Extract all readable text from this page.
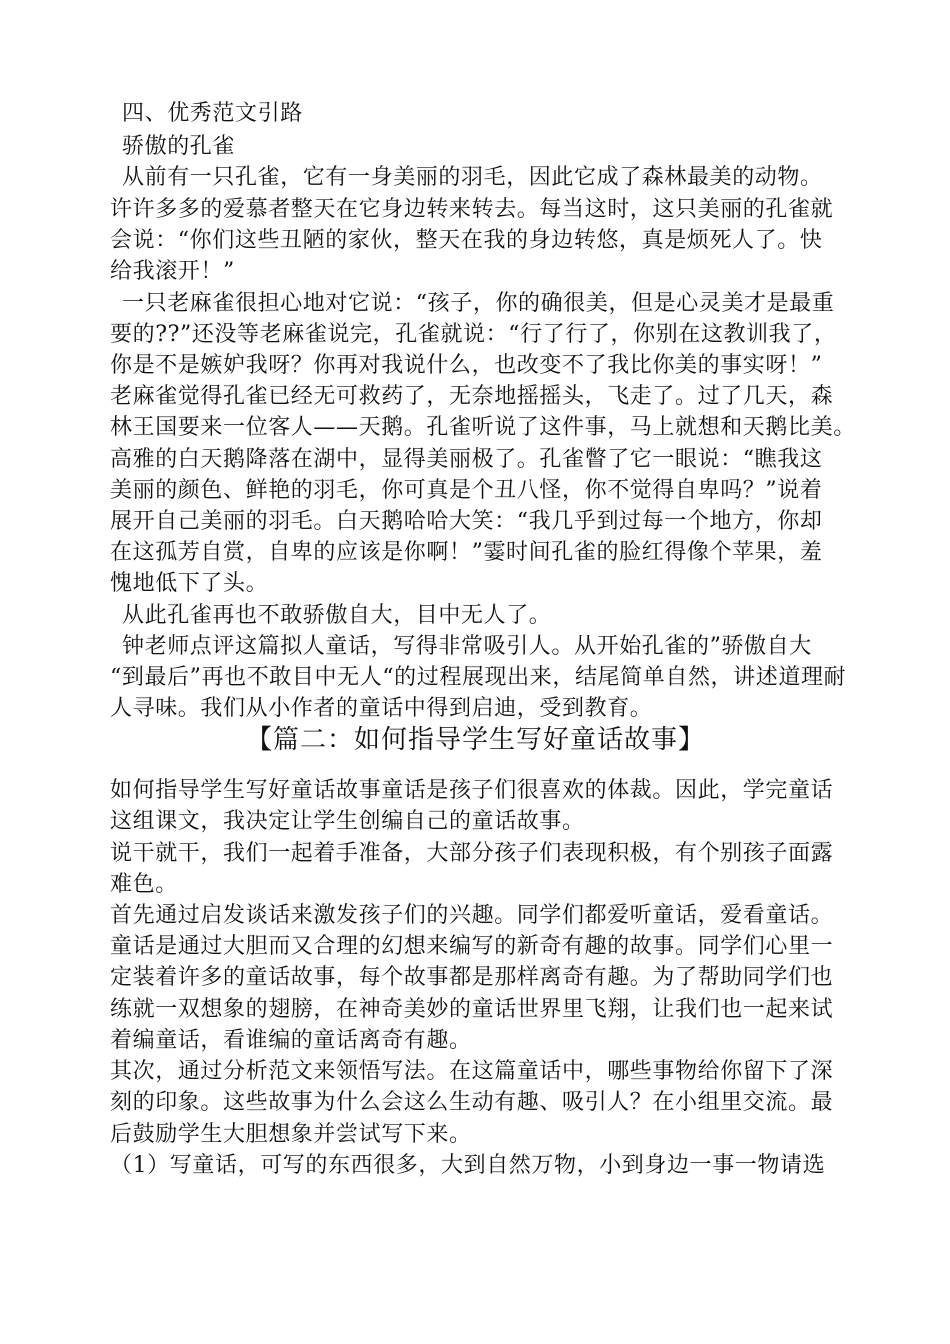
四、优秀范文引路
骄傲的孔雀
从前有一只孔雀，它有一身美丽的羽毛，因此它成了森林最美的动物。
许许多多的爱慕者整天在它身边转来转去。每当这时，这只美丽的孔雀就
会说：“你们这些丑陋的家伙，整天在我的身边转悠，真是烦死人了。快
给我滚开！”
一只老麻雀很担心地对它说：“孩子，你的确很美，但是心灵美才是最重
要的??”还没等老麻雀说完，孔雀就说：“行了行了，你别在这教训我了，
你是不是嫉妒我呀？你再对我说什么，也改变不了我比你美的事实呀！”
老麻雀觉得孔雀已经无可救药了，无奈地摇摇头，飞走了。过了几天，森
林王国要来一位客人——天鹅。孔雀听说了这件事，马上就想和天鹅比美。
高雅的白天鹅降落在湖中，显得美丽极了。孔雀瞥了它一眼说：“瞧我这
美丽的颜色、鲜艳的羽毛，你可真是个丑八怪，你不觉得自卑吗？”说着
展开自己美丽的羽毛。白天鹅哈哈大笑：“我几乎到过每一个地方，你却
在这孤芳自赏，自卑的应该是你啊！”霎时间孔雀的脸红得像个苹果，羞
愧地低下了头。
从此孔雀再也不敢骄傲自大，目中无人了。
钟老师点评这篇拟人童话，写得非常吸引人。从开始孔雀的”骄傲自大
“到最后”再也不敢目中无人“的过程展现出来，结尾简单自然，讲述道理耐
人寻味。我们从小作者的童话中得到启迪，受到教育。
【篇二：如何指导学生写好童话故事】
如何指导学生写好童话故事童话是孩子们很喜欢的体裁。因此，学完童话
这组课文，我决定让学生创编自己的童话故事。
说干就干，我们一起着手准备，大部分孩子们表现积极，有个别孩子面露
难色。
首先通过启发谈话来激发孩子们的兴趣。同学们都爱听童话，爱看童话。
童话是通过大胆而又合理的幻想来编写的新奇有趣的故事。同学们心里一
定装着许多的童话故事，每个故事都是那样离奇有趣。为了帮助同学们也
练就一双想象的翅膀，在神奇美妙的童话世界里飞翔，让我们也一起来试
着编童话，看谁编的童话离奇有趣。
其次，通过分析范文来领悟写法。在这篇童话中，哪些事物给你留下了深
刻的印象。这些故事为什么会这么生动有趣、吸引人？在小组里交流。最
后鼓励学生大胆想象并尝试写下来。
（1）写童话，可写的东西很多，大到自然万物，小到身边一事一物请选
